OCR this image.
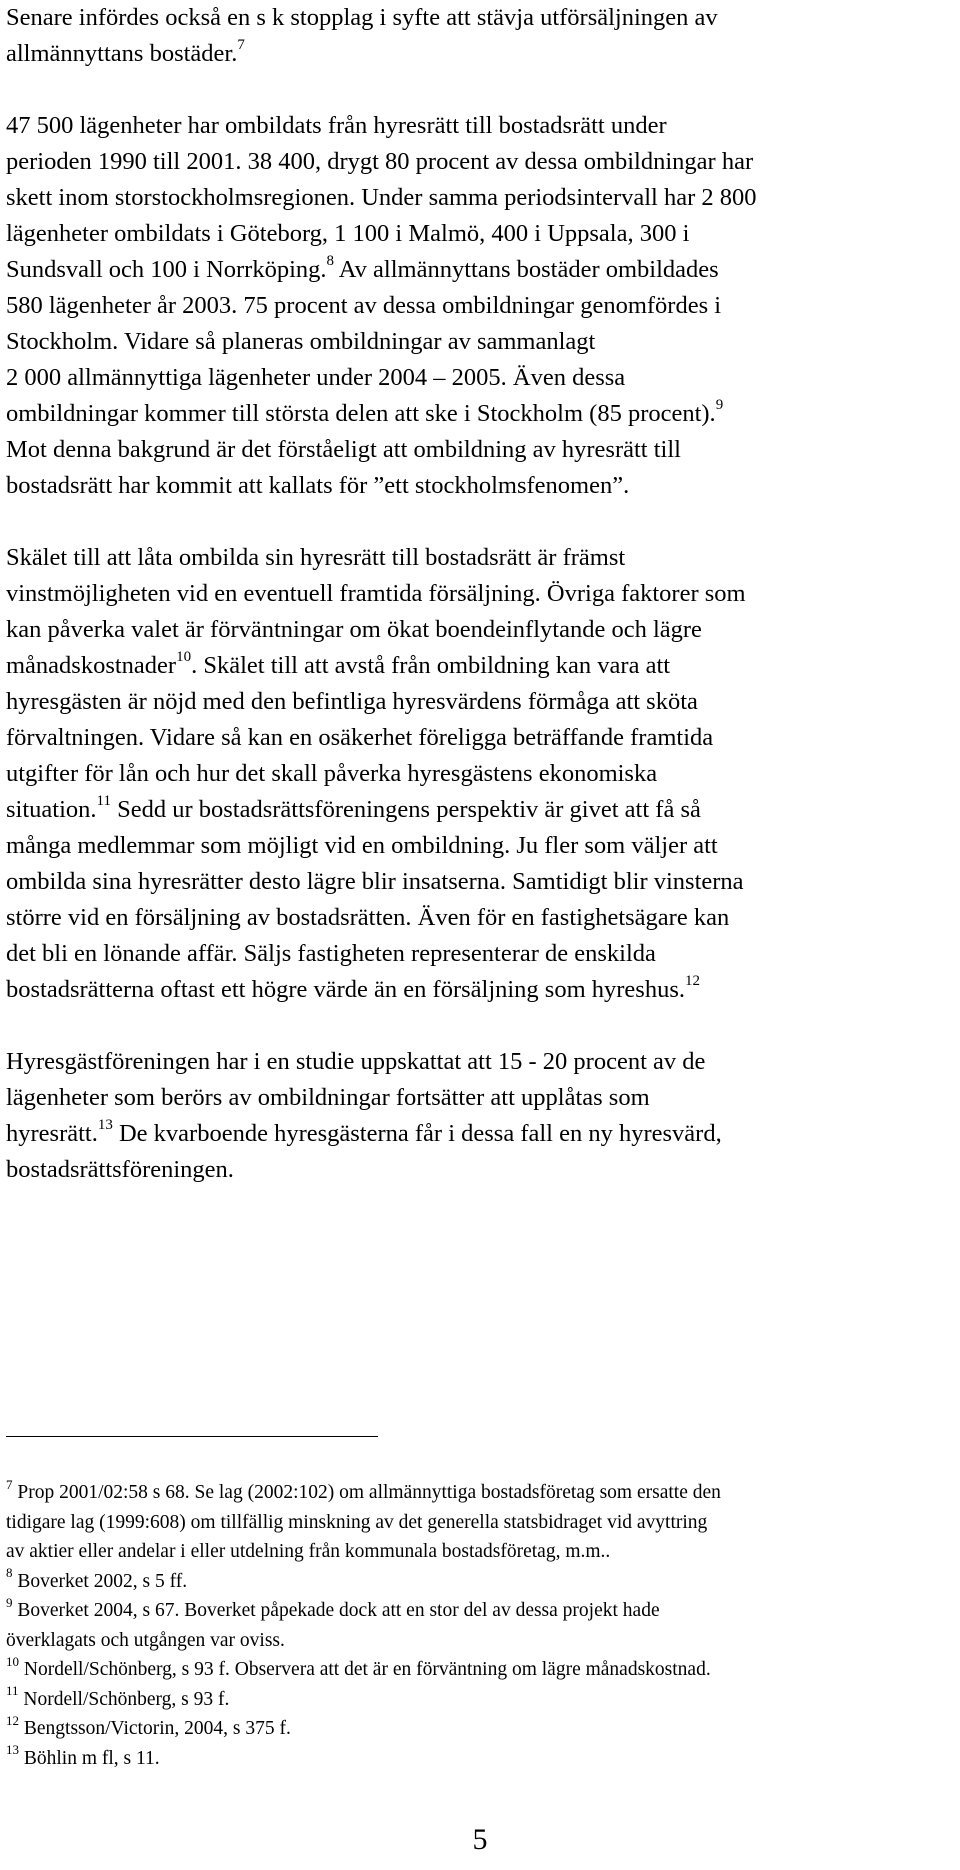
Senare infördes också en s k stopplag i syfte att stävja utförsäljningen av

allmännyttans bostäder.$^7$

47 500 lägenheter har ombildats från hyresrätt till bostadsrätt under

perioden 1990 till 2001. 38 400, drygt 80 procent av dessa ombildningar har

skett inom storstockholmsregionen. Under samma periodsintervall har 2 800

lägenheter ombildats i Göteborg, 1 100 i Malmö, 400 i Uppsala, 300 i

Sundsvall och 100 i Norrköping.$^8$ Av allmännyttans bostäder ombildades

580 lägenheter år 2003. 75 procent av dessa ombildningar genomfördes i

Stockholm. Vidare så planeras ombildningar av sammanlagt

2 000 allmännyttiga lägenheter under 2004 – 2005. Även dessa

ombildningar kommer till största delen att ske i Stockholm (85 procent).$^9$

Mot denna bakgrund är det förståeligt att ombildning av hyresrätt till

bostadsrätt har kommit att kallats för ”ett stockholmsfenomen”.

Skälet till att låta ombilda sin hyresrätt till bostadsrätt är främst

vinstmöjligheten vid en eventuell framtida försäljning. Övriga faktorer som

kan påverka valet är förväntningar om ökat boendeinflytande och lägre

månadskostnader$^{10}$. Skälet till att avstå från ombildning kan vara att

hyresgästen är nöjd med den befintliga hyresvärdens förmåga att sköta

förvaltningen. Vidare så kan en osäkerhet föreligga beträffande framtida

utgifter för lån och hur det skall påverka hyresgästens ekonomiska

situation.$^{11}$ Sedd ur bostadsrättsföreningens perspektiv är givet att få så

många medlemmar som möjligt vid en ombildning. Ju fler som väljer att

ombilda sina hyresrätter desto lägre blir insatserna. Samtidigt blir vinsterna

större vid en försäljning av bostadsrätten. Även för en fastighetsägare kan

det bli en lönande affär. Säljs fastigheten representerar de enskilda

bostadsrätterna oftast ett högre värde än en försäljning som hyreshus.$^{12}$

Hyresgästföreningen har i en studie uppskattat att 15 - 20 procent av de

lägenheter som berörs av ombildningar fortsätter att upplåtas som

hyresrätt.$^{13}$ De kvarboende hyresgästerna får i dessa fall en ny hyresvärd,

bostadsrättsföreningen.

$^7$ Prop 2001/02:58 s 68. Se lag (2002:102) om allmännyttiga bostadsföretag som ersatte den
tidigare lag (1999:608) om tillfällig minskning av det generella statsbidraget vid avyttring
av aktier eller andelar i eller utdelning från kommunala bostadsföretag, m.m..
$^8$ Boverket 2002, s 5 ff.
$^9$ Boverket 2004, s 67. Boverket påpekade dock att en stor del av dessa projekt hade
överklagats och utgången var oviss.
$^{10}$ Nordell/Schönberg, s 93 f. Observera att det är en förväntning om lägre månadskostnad.
$^{11}$ Nordell/Schönberg, s 93 f.
$^{12}$ Bengtsson/Victorin, 2004, s 375 f.
$^{13}$ Böhlin m fl, s 11.
5
